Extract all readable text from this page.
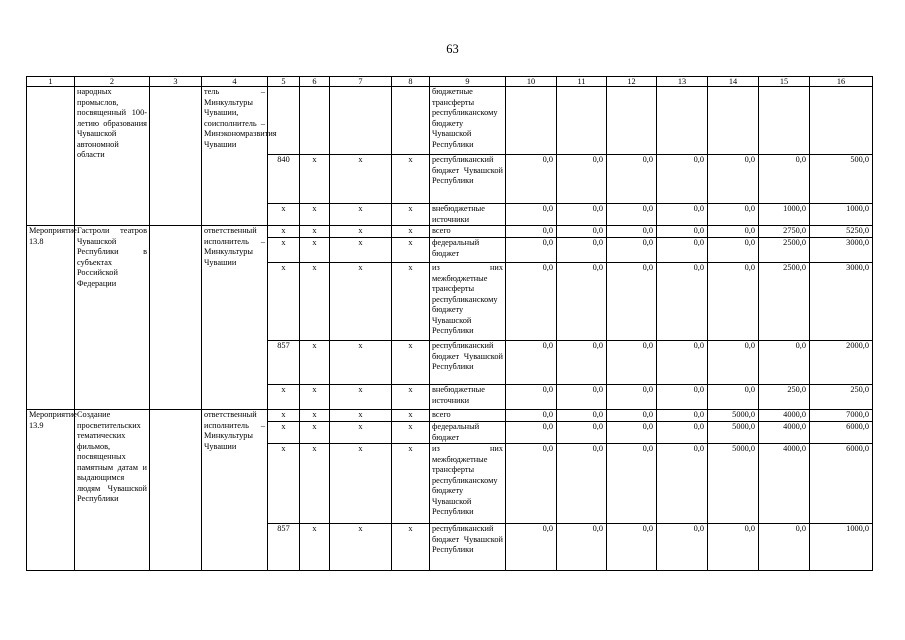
63
1	2	3	4	5	6	7	8	9	10	11	12	13	14	15	16
	народных промыслов, посвященный 100-летию образования Чувашской автономной области		тель – Минкультуры Чувашии, соисполнитель – Минэкономразвития Чувашии					бюджетные трансферты республиканскому бюджету Чувашской Республики							
				840	x	x	x	республиканский бюджет Чувашской Республики	0,0	0,0	0,0	0,0	0,0	0,0	500,0
				x	x	x	x	внебюджетные источники	0,0	0,0	0,0	0,0	0,0	1000,0	1000,0
Мероприятие 13.8	Гастроли театров Чувашской Республики в субъектах Российской Федерации		ответственный исполнитель – Минкультуры Чувашии	x	x	x	x	всего	0,0	0,0	0,0	0,0	0,0	2750,0	5250,0
				x	x	x	x	федеральный бюджет	0,0	0,0	0,0	0,0	0,0	2500,0	3000,0
				x	x	x	x	из них межбюджетные трансферты республиканскому бюджету Чувашской Республики	0,0	0,0	0,0	0,0	0,0	2500,0	3000,0
				857	x	x	x	республиканский бюджет Чувашской Республики	0,0	0,0	0,0	0,0	0,0	0,0	2000,0
				x	x	x	x	внебюджетные источники	0,0	0,0	0,0	0,0	0,0	250,0	250,0
Мероприятие 13.9	Создание просветительских тематических фильмов, посвященных памятным датам и выдающимся людям Чувашской Республики		ответственный исполнитель – Минкультуры Чувашии	x	x	x	x	всего	0,0	0,0	0,0	0,0	5000,0	4000,0	7000,0
				x	x	x	x	федеральный бюджет	0,0	0,0	0,0	0,0	5000,0	4000,0	6000,0
				x	x	x	x	из них межбюджетные трансферты республиканскому бюджету Чувашской Республики	0,0	0,0	0,0	0,0	5000,0	4000,0	6000,0
				857	x	x	x	республиканский бюджет Чувашской Республики	0,0	0,0	0,0	0,0	0,0	0,0	1000,0
